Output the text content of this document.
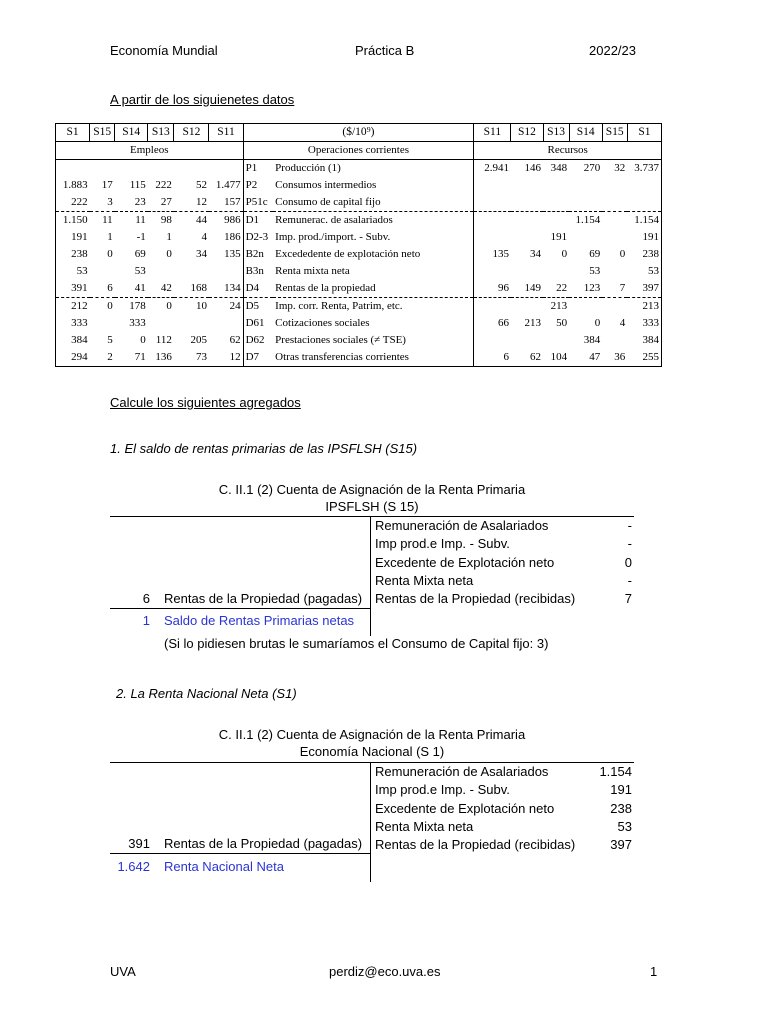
Economía Mundial	Práctica B	2022/23
A partir de los siguienetes datos
S1	S15	S14	S13	S12	S11	($/10⁹)		S11	S12	S13	S14	S15	S1
Empleos						Operaciones corrientes		Recursos					
						P1	Producción (1)	2.941	146	348	270	32	3.737
1.883	17	115	222	52	1.477	P2	Consumos intermedios						
222	3	23	27	12	157	P51c	Consumo de capital fijo						
1.150	11	11	98	44	986	D1	Remunerac. de asalariados				1.154		1.154
191	1	-1	1	4	186	D2-3	Imp. prod./import. - Subv.			191			191
238	0	69	0	34	135	B2n	Excededente de explotación neto	135	34	0	69	0	238
53		53				B3n	Renta mixta neta				53		53
391	6	41	42	168	134	D4	Rentas de la propiedad	96	149	22	123	7	397
212	0	178	0	10	24	D5	Imp. corr. Renta, Patrim, etc.			213			213
333		333				D61	Cotizaciones sociales	66	213	50	0	4	333
384	5	0	112	205	62	D62	Prestaciones sociales (≠ TSE)				384		384
294	2	71	136	73	12	D7	Otras transferencias corrientes	6	62	104	47	36	255
Calcule los siguientes agregados
1. El saldo de rentas primarias de las IPSFLSH (S15)
C. II.1 (2) Cuenta de Asignación de la Renta Primaria
IPSFLSH (S 15)
Remuneración de Asalariados	-
Imp prod.e Imp. - Subv.	-
Excedente de Explotación neto	0
Renta Mixta neta	-
Rentas de la Propiedad (recibidas)	7
6 Rentas de la Propiedad (pagadas)
1 Saldo de Rentas Primarias netas
(Si lo pidiesen brutas le sumaríamos el Consumo de Capital fijo: 3)
2. La Renta Nacional Neta (S1)
C. II.1 (2) Cuenta de Asignación de la Renta Primaria
Economía Nacional (S 1)
Remuneración de Asalariados	1.154
Imp prod.e Imp. - Subv.	191
Excedente de Explotación neto	238
Renta Mixta neta	53
Rentas de la Propiedad (recibidas)	397
391 Rentas de la Propiedad (pagadas)
1.642 Renta Nacional Neta
UVA	perdiz@eco.uva.es	1
